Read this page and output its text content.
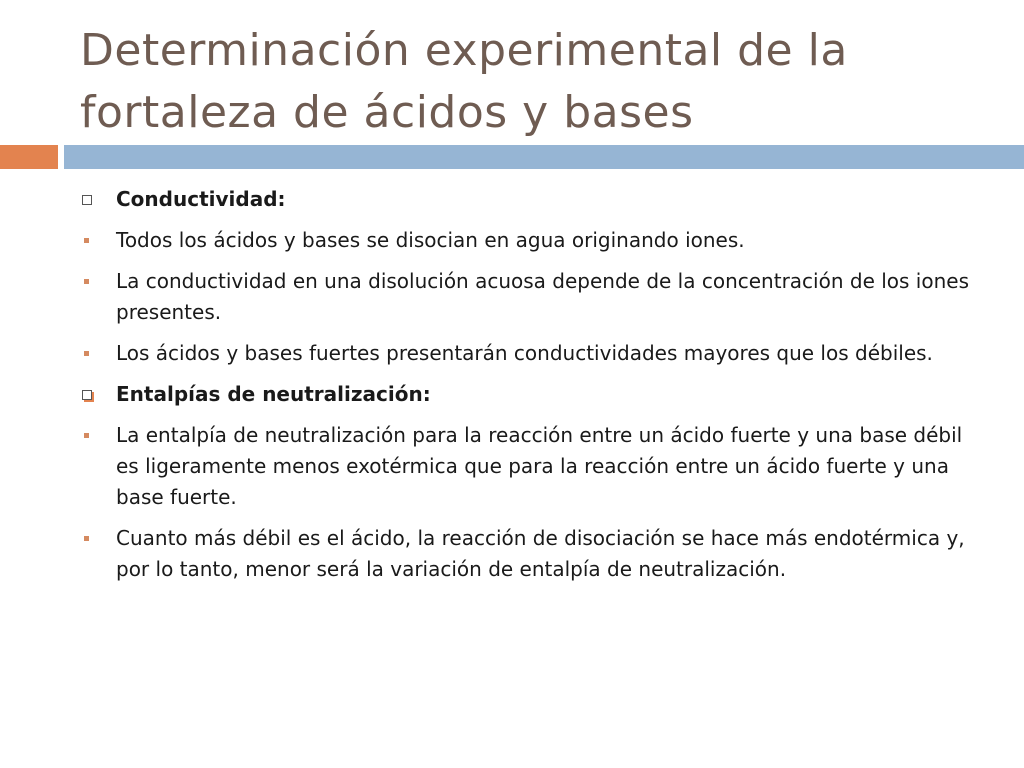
Determinación experimental de la fortaleza de ácidos y bases
Conductividad:
Todos los ácidos y bases se disocian en agua originando iones.
La conductividad en una disolución acuosa depende de la concentración de los iones presentes.
Los ácidos y bases fuertes presentarán conductividades mayores que los débiles.
Entalpías de neutralización:
La entalpía de neutralización para la reacción entre un ácido fuerte y una base débil es ligeramente menos exotérmica que para la reacción entre un ácido fuerte y una base fuerte.
Cuanto más débil es el ácido, la reacción de disociación se hace más endotérmica y, por lo tanto, menor será la variación de entalpía de neutralización.
